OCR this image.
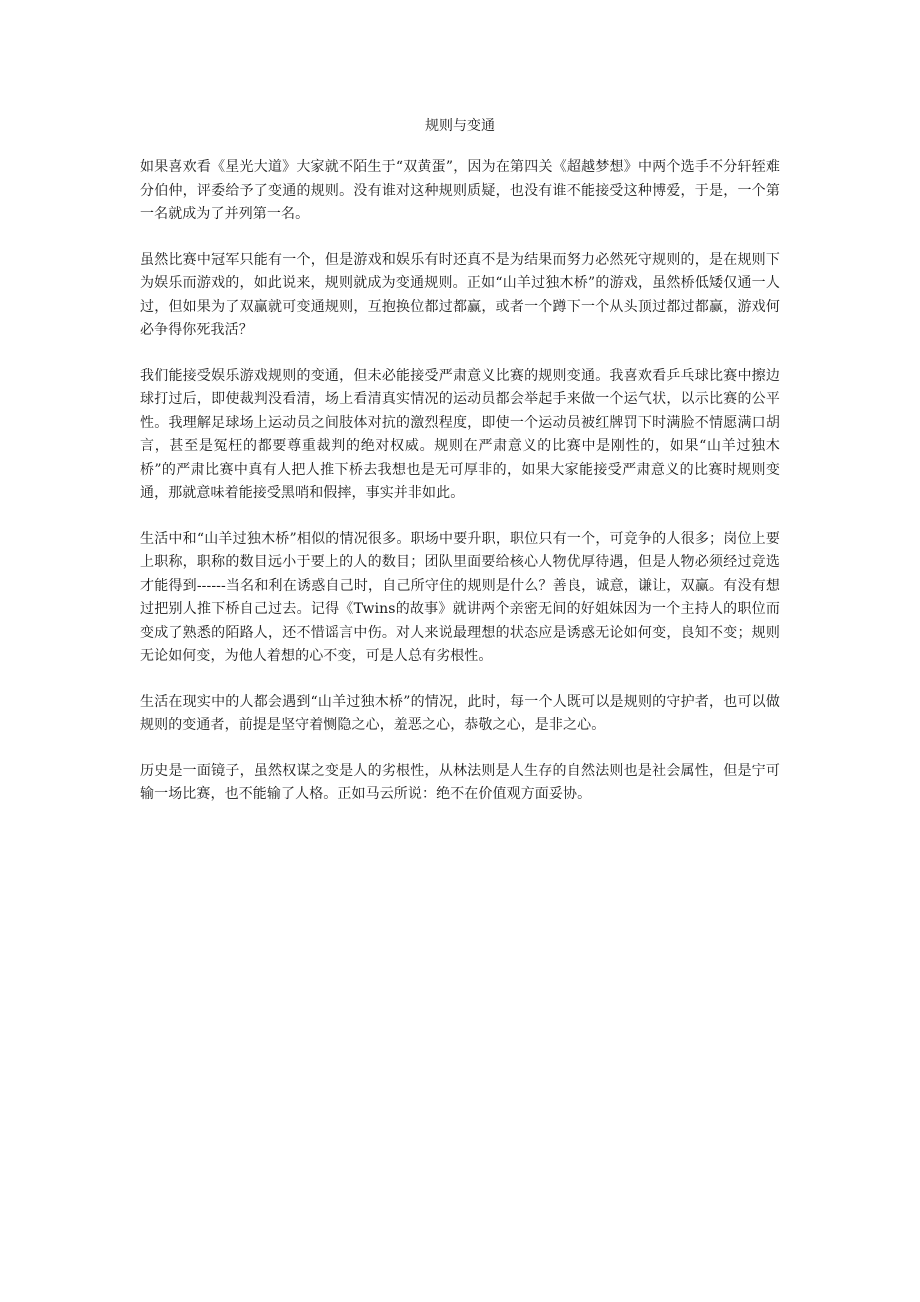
规则与变通

如果喜欢看《星光大道》大家就不陌生于“双黄蛋”，因为在第四关《超越梦想》中两个选手不分轩轾难分伯仲，评委给予了变通的规则。没有谁对这种规则质疑，也没有谁不能接受这种博爱，于是，一个第一名就成为了并列第一名。

虽然比赛中冠军只能有一个，但是游戏和娱乐有时还真不是为结果而努力必然死守规则的，是在规则下为娱乐而游戏的，如此说来，规则就成为变通规则。正如“山羊过独木桥”的游戏，虽然桥低矮仅通一人过，但如果为了双赢就可变通规则，互抱换位都过都赢，或者一个蹲下一个从头顶过都过都赢，游戏何必争得你死我活？

我们能接受娱乐游戏规则的变通，但未必能接受严肃意义比赛的规则变通。我喜欢看乒乓球比赛中擦边球打过后，即使裁判没看清，场上看清真实情况的运动员都会举起手来做一个运气状，以示比赛的公平性。我理解足球场上运动员之间肢体对抗的激烈程度，即使一个运动员被红牌罚下时满脸不情愿满口胡言，甚至是冤枉的都要尊重裁判的绝对权威。规则在严肃意义的比赛中是刚性的，如果“山羊过独木桥”的严肃比赛中真有人把人推下桥去我想也是无可厚非的，如果大家能接受严肃意义的比赛时规则变通，那就意味着能接受黑哨和假摔，事实并非如此。

生活中和“山羊过独木桥”相似的情况很多。职场中要升职，职位只有一个，可竞争的人很多；岗位上要上职称，职称的数目远小于要上的人的数目；团队里面要给核心人物优厚待遇，但是人物必须经过竞选才能得到------当名和利在诱惑自己时，自己所守住的规则是什么？善良，诚意，谦让，双赢。有没有想过把别人推下桥自己过去。记得《Twins的故事》就讲两个亲密无间的好姐妹因为一个主持人的职位而变成了熟悉的陌路人，还不惜谣言中伤。对人来说最理想的状态应是诱惑无论如何变，良知不变；规则无论如何变，为他人着想的心不变，可是人总有劣根性。

生活在现实中的人都会遇到“山羊过独木桥”的情况，此时，每一个人既可以是规则的守护者，也可以做规则的变通者，前提是坚守着恻隐之心，羞恶之心，恭敬之心，是非之心。

历史是一面镜子，虽然权谋之变是人的劣根性，从林法则是人生存的自然法则也是社会属性，但是宁可输一场比赛，也不能输了人格。正如马云所说：绝不在价值观方面妥协。
